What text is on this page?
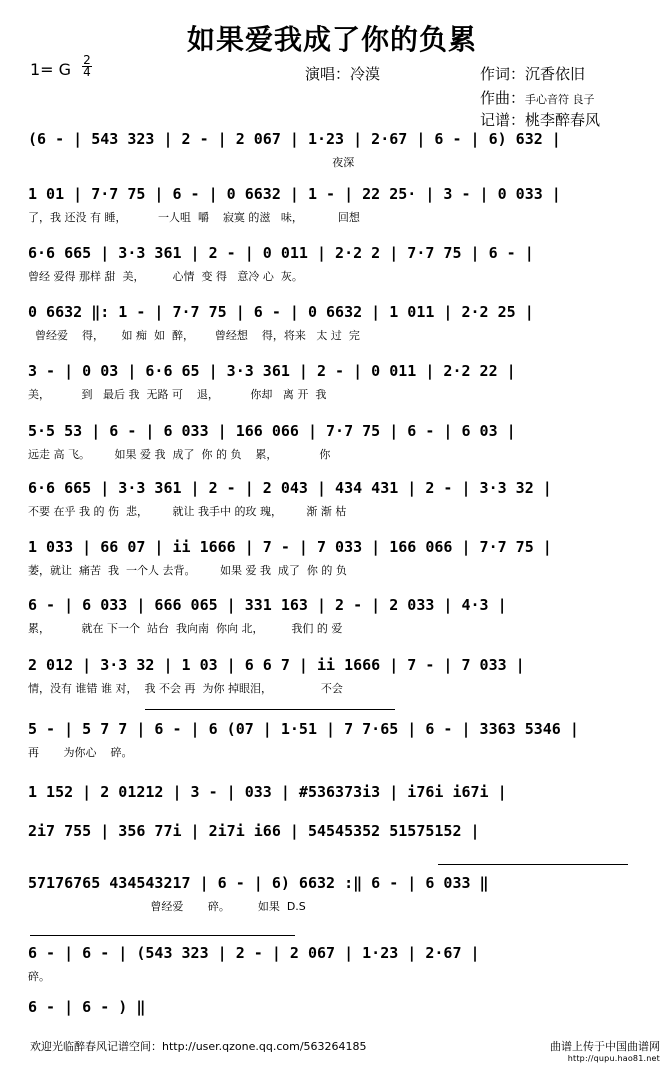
如果爱我成了你的负累
1= G 2
4	演唱：冷漠	作词：沉香依旧
作曲：手心音符 良子
记谱：桃李醉春风
(6 - | 543 323 | 2 - | 2 067 | 1·23 | 2·67 | 6 - | 6) 632 |
夜深
1 01 | 7·7 75 | 6 - | 0 6632 | 1 - | 22 25· | 3 - | 0 033 |
了，我 还没 有 睡，         一人咀  嚼    寂寞 的滋   味，          回想
6·6 665 | 3·3 361 | 2 - | 0 011 | 2·2 2 | 7·7 75 | 6 - |
曾经 爱得 那样 甜  美，        心情  变 得   意冷 心  灰。
0 6632 ‖: 1 - | 7·7 75 | 6 - | 0 6632 | 1 011 | 2·2 25 |
曾经爱    得，     如 痴  如  醉，      曾经想    得，将来   太 过  完
3 - | 0 03 | 6·6 65 | 3·3 361 | 2 - | 0 011 | 2·2 22 |
美，         到   最后 我  无路 可    退，         你却   离 开  我
5·5 53 | 6 - | 6 033 | 166 066 | 7·7 75 | 6 - | 6 03 |
远走 高 飞。       如果 爱 我  成了  你 的 负    累，            你
6·6 665 | 3·3 361 | 2 - | 2 043 | 434 431 | 2 - | 3·3 32 |
不要 在乎 我 的 伤  悲，       就让 我手中 的玫 瑰，       渐 渐 枯
1 033 | 66 07 | ii 1666 | 7 - | 7 033 | 166 066 | 7·7 75 |
萎，就让  痛苦  我  一个人 去背。       如果 爱 我  成了  你 的 负
6 - | 6 033 | 666 065 | 331 163 | 2 - | 2 033 | 4·3 |
累，         就在 下一个  站台  我向南  你向 北，        我们 的 爱
2 012 | 3·3 32 | 1 03 | 6 6 7 | ii 1666 | 7 - | 7 033 |
情，没有 谁错 谁 对，  我 不会 再  为你 掉眼泪，              不会
5 - | 5 7 7 | 6 - | 6 (07 | 1·51 | 7 7·65 | 6 - | 3363 5346 |
再       为你心    碎。
1 152 | 2 01212 | 3 - | 033 | #536373i3 | i76i i67i |
2i7 755 | 356 77i | 2i7i i66 | 54545352 51575152 |
57176765 434543217 | 6 - | 6) 6632 :‖ 6 - | 6 033 ‖
曾经爱       碎。        如果  D.S
6 - | 6 - | (543 323 | 2 - | 2 067 | 1·23 | 2·67 |
碎。
6 - | 6 - ) ‖
欢迎光临醉春风记谱空间：http://user.qzone.qq.com/563264185	曲谱上传于中国曲谱网
http://qupu.hao81.net
